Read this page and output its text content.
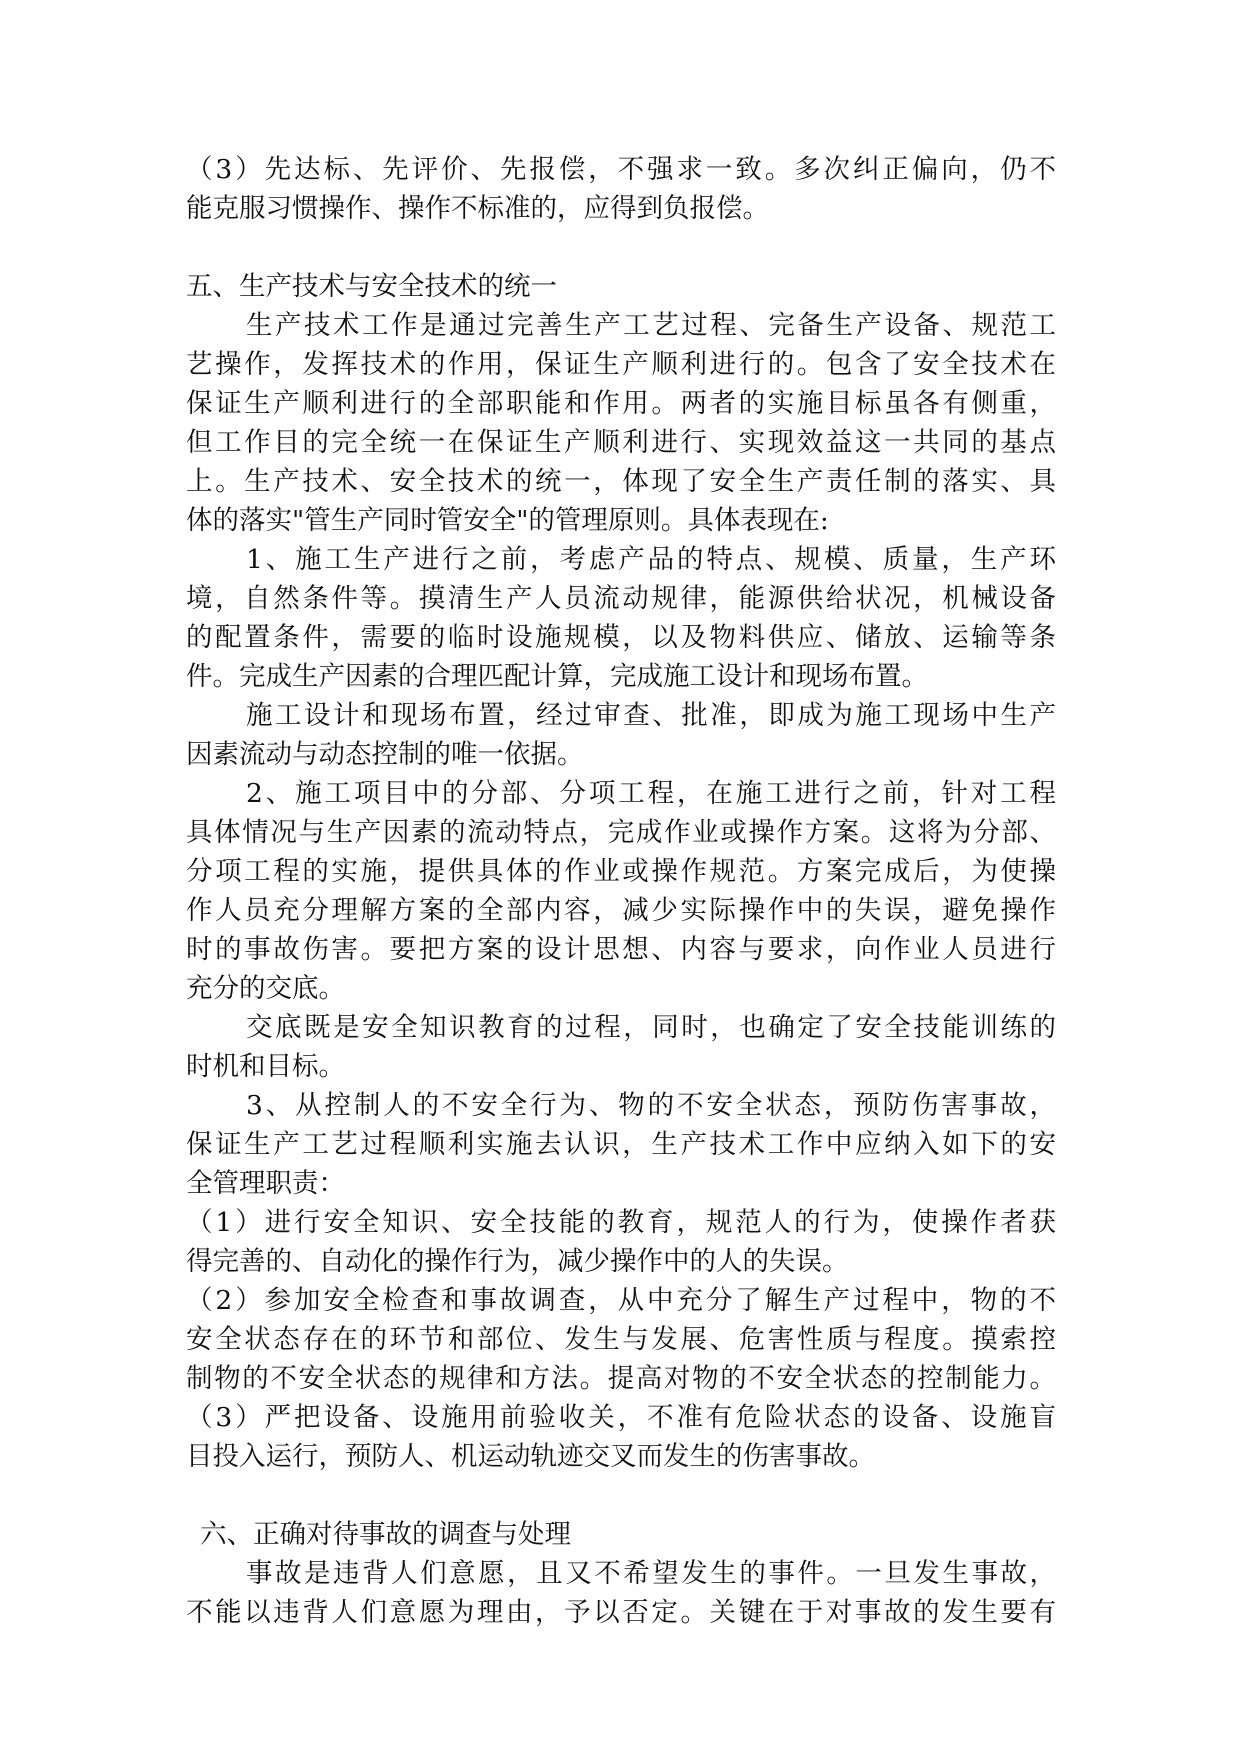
（3）先达标、先评价、先报偿，不强求一致。多次纠正偏向，仍不
能克服习惯操作、操作不标准的，应得到负报偿。
五、生产技术与安全技术的统一
生产技术工作是通过完善生产工艺过程、完备生产设备、规范工
艺操作，发挥技术的作用，保证生产顺利进行的。包含了安全技术在
保证生产顺利进行的全部职能和作用。两者的实施目标虽各有侧重，
但工作目的完全统一在保证生产顺利进行、实现效益这一共同的基点
上。生产技术、安全技术的统一，体现了安全生产责任制的落实、具
体的落实"管生产同时管安全"的管理原则。具体表现在:
1、施工生产进行之前，考虑产品的特点、规模、质量，生产环
境，自然条件等。摸清生产人员流动规律，能源供给状况，机械设备
的配置条件，需要的临时设施规模，以及物料供应、储放、运输等条
件。完成生产因素的合理匹配计算，完成施工设计和现场布置。
施工设计和现场布置，经过审查、批准，即成为施工现场中生产
因素流动与动态控制的唯一依据。
2、施工项目中的分部、分项工程，在施工进行之前，针对工程
具体情况与生产因素的流动特点，完成作业或操作方案。这将为分部、
分项工程的实施，提供具体的作业或操作规范。方案完成后，为使操
作人员充分理解方案的全部内容，减少实际操作中的失误，避免操作
时的事故伤害。要把方案的设计思想、内容与要求，向作业人员进行
充分的交底。
交底既是安全知识教育的过程，同时，也确定了安全技能训练的
时机和目标。
3、从控制人的不安全行为、物的不安全状态，预防伤害事故，
保证生产工艺过程顺利实施去认识，生产技术工作中应纳入如下的安
全管理职责：
（1）进行安全知识、安全技能的教育，规范人的行为，使操作者获
得完善的、自动化的操作行为，减少操作中的人的失误。
（2）参加安全检查和事故调查，从中充分了解生产过程中，物的不
安全状态存在的环节和部位、发生与发展、危害性质与程度。摸索控
制物的不安全状态的规律和方法。提高对物的不安全状态的控制能力。
（3）严把设备、设施用前验收关，不准有危险状态的设备、设施盲
目投入运行，预防人、机运动轨迹交叉而发生的伤害事故。
六、正确对待事故的调查与处理
事故是违背人们意愿，且又不希望发生的事件。一旦发生事故，
不能以违背人们意愿为理由，予以否定。关键在于对事故的发生要有
